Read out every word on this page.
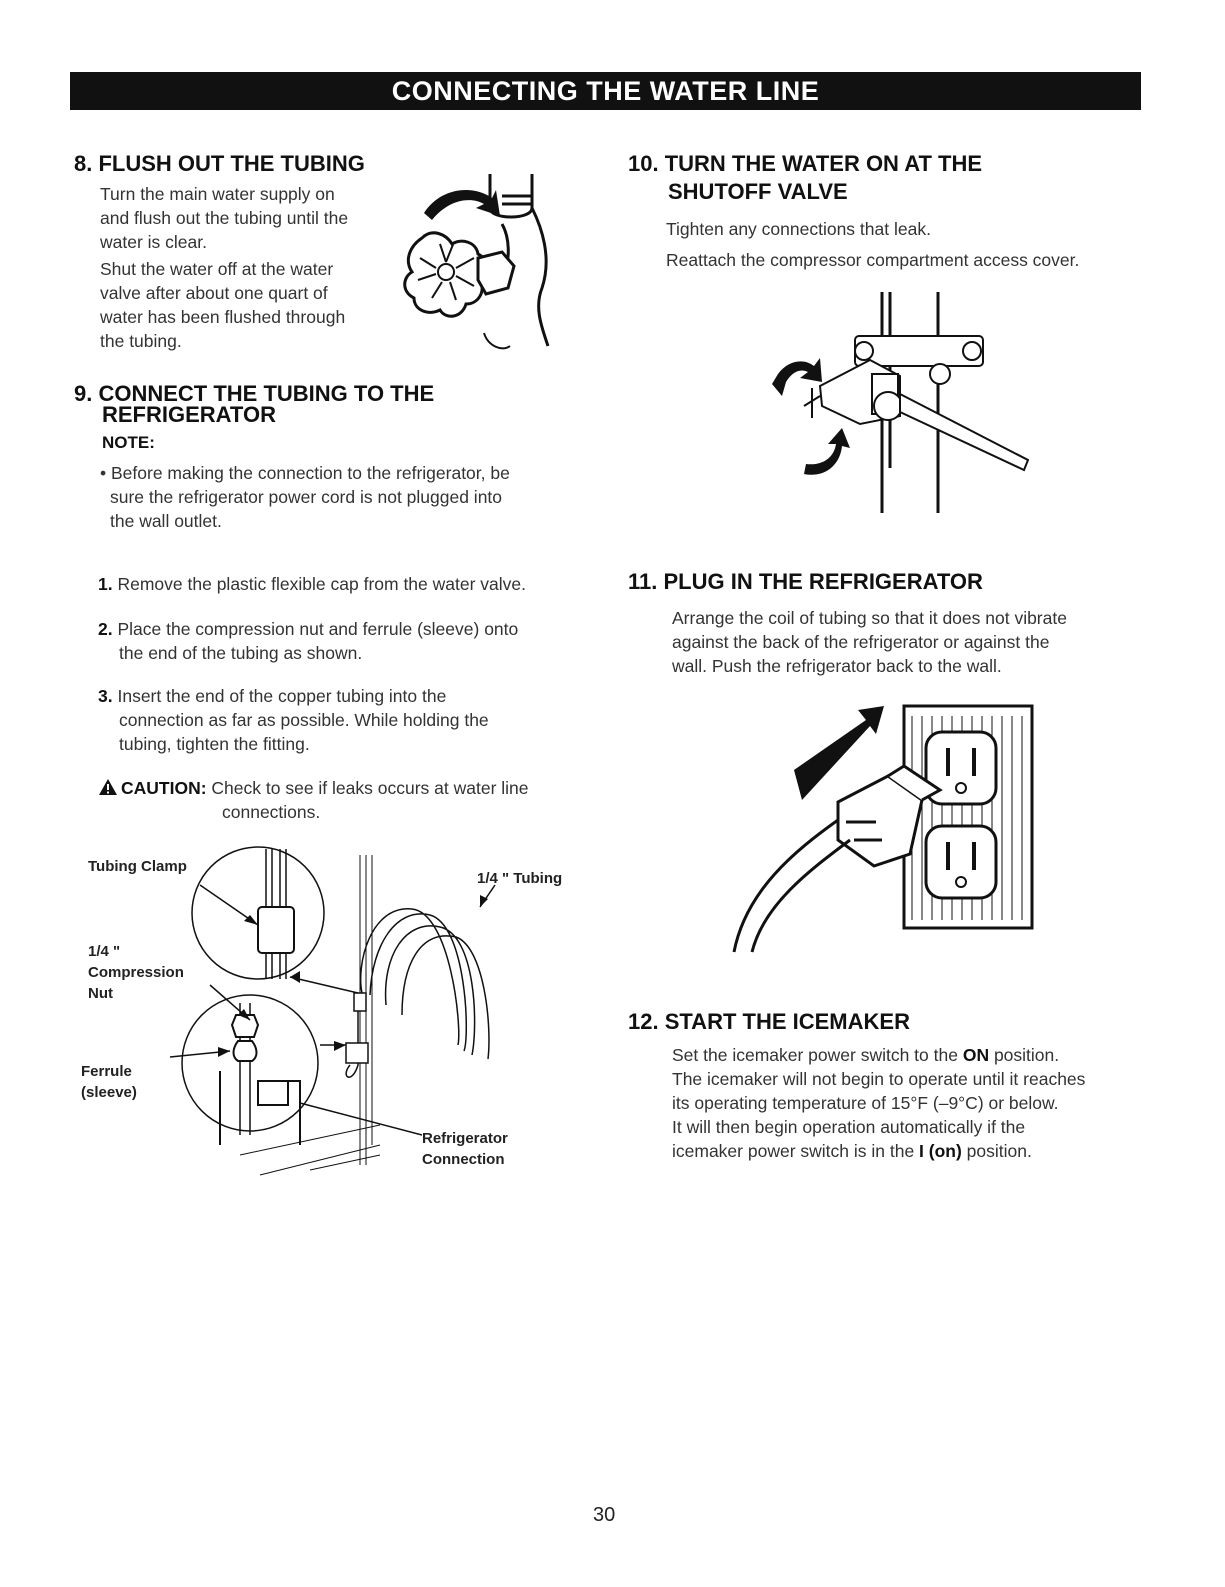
CONNECTING THE WATER LINE
8. FLUSH OUT THE TUBING
Turn the main water supply on
and flush out the tubing until the
water is clear.
Shut the water off at the water
valve after about one quart of
water has been flushed through
the tubing.
9. CONNECT THE TUBING TO THE
REFRIGERATOR
NOTE:
• Before making the connection to the refrigerator, be
sure the refrigerator power cord is not plugged into
the wall outlet.
1. Remove the plastic flexible cap from the water valve.
2. Place the compression nut and ferrule (sleeve) onto
the end of the tubing as shown.
3. Insert the end of the copper tubing into the
connection as far as possible. While holding the
tubing, tighten the fitting.
CAUTION: Check to see if leaks occurs at water line
connections.
Tubing Clamp
1/4 " Tubing
1/4 "
Compression
Nut
Ferrule
(sleeve)
Refrigerator
Connection
10. TURN THE WATER ON AT THE
SHUTOFF VALVE
Tighten any connections that leak.
Reattach the compressor compartment access cover.
11. PLUG IN THE REFRIGERATOR
Arrange the coil of tubing so that it does not vibrate
against the back of the refrigerator or against the
wall. Push the refrigerator back to the wall.
12. START THE ICEMAKER
Set the icemaker power switch to the ON position.
The icemaker will not begin to operate until it reaches
its operating temperature of 15°F (–9°C) or below.
It will then begin operation automatically if the
icemaker power switch is in the I (on) position.
30
